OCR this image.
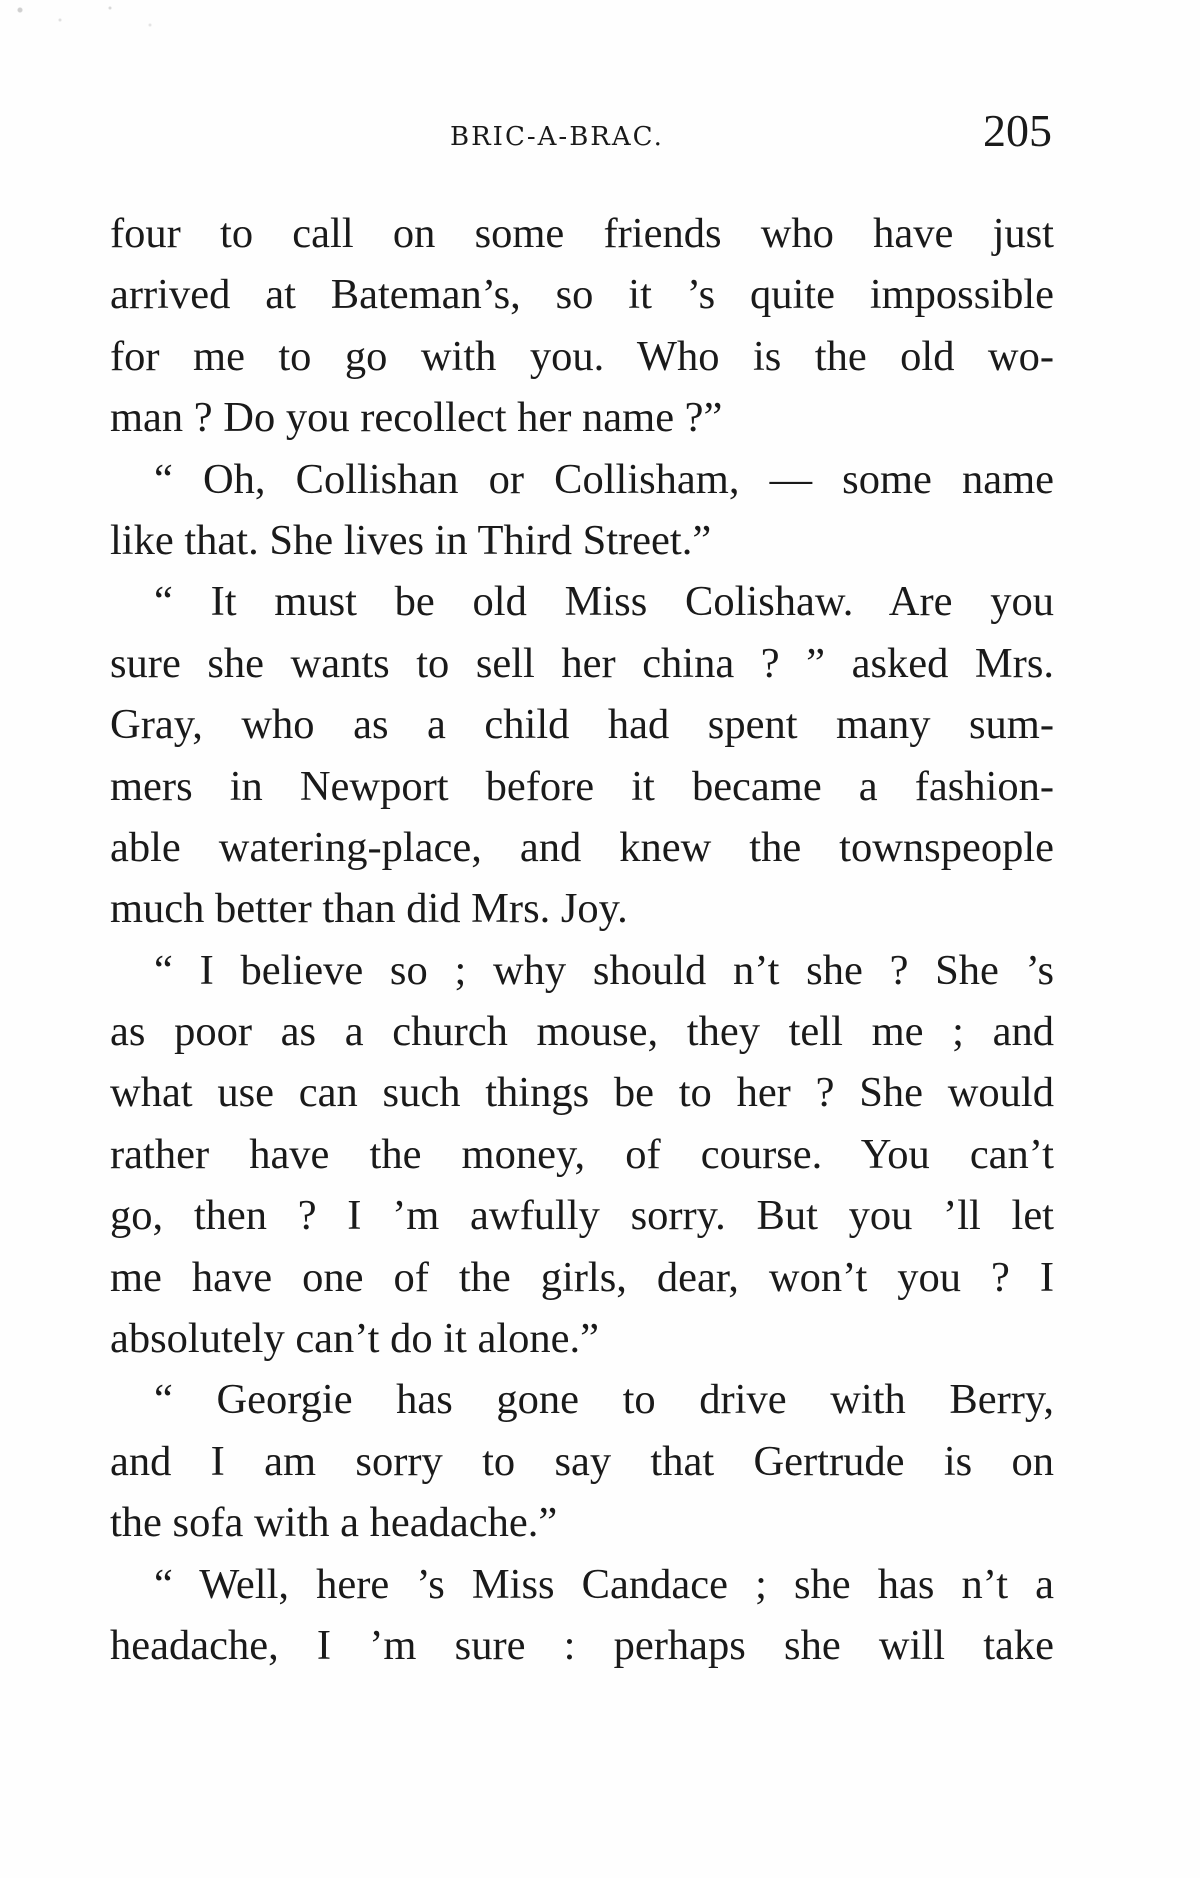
BRIC-A-BRAC.	205
four to call on some friends who have just
arrived at Bateman’s, so it ’s quite impossible
for me to go with you. Who is the old wo-
man ? Do you recollect her name ?”
“ Oh, Collishan or Collisham, — some name
like that. She lives in Third Street.”
“ It must be old Miss Colishaw. Are you
sure she wants to sell her china ? ” asked Mrs.
Gray, who as a child had spent many sum-
mers in Newport before it became a fashion-
able watering-place, and knew the townspeople
much better than did Mrs. Joy.
“ I believe so ; why should n’t she ? She ’s
as poor as a church mouse, they tell me ; and
what use can such things be to her ? She would
rather have the money, of course. You can’t
go, then ? I ’m awfully sorry. But you ’ll let
me have one of the girls, dear, won’t you ? I
absolutely can’t do it alone.”
“ Georgie has gone to drive with Berry,
and I am sorry to say that Gertrude is on
the sofa with a headache.”
“ Well, here ’s Miss Candace ; she has n’t a
headache, I ’m sure : perhaps she will take
